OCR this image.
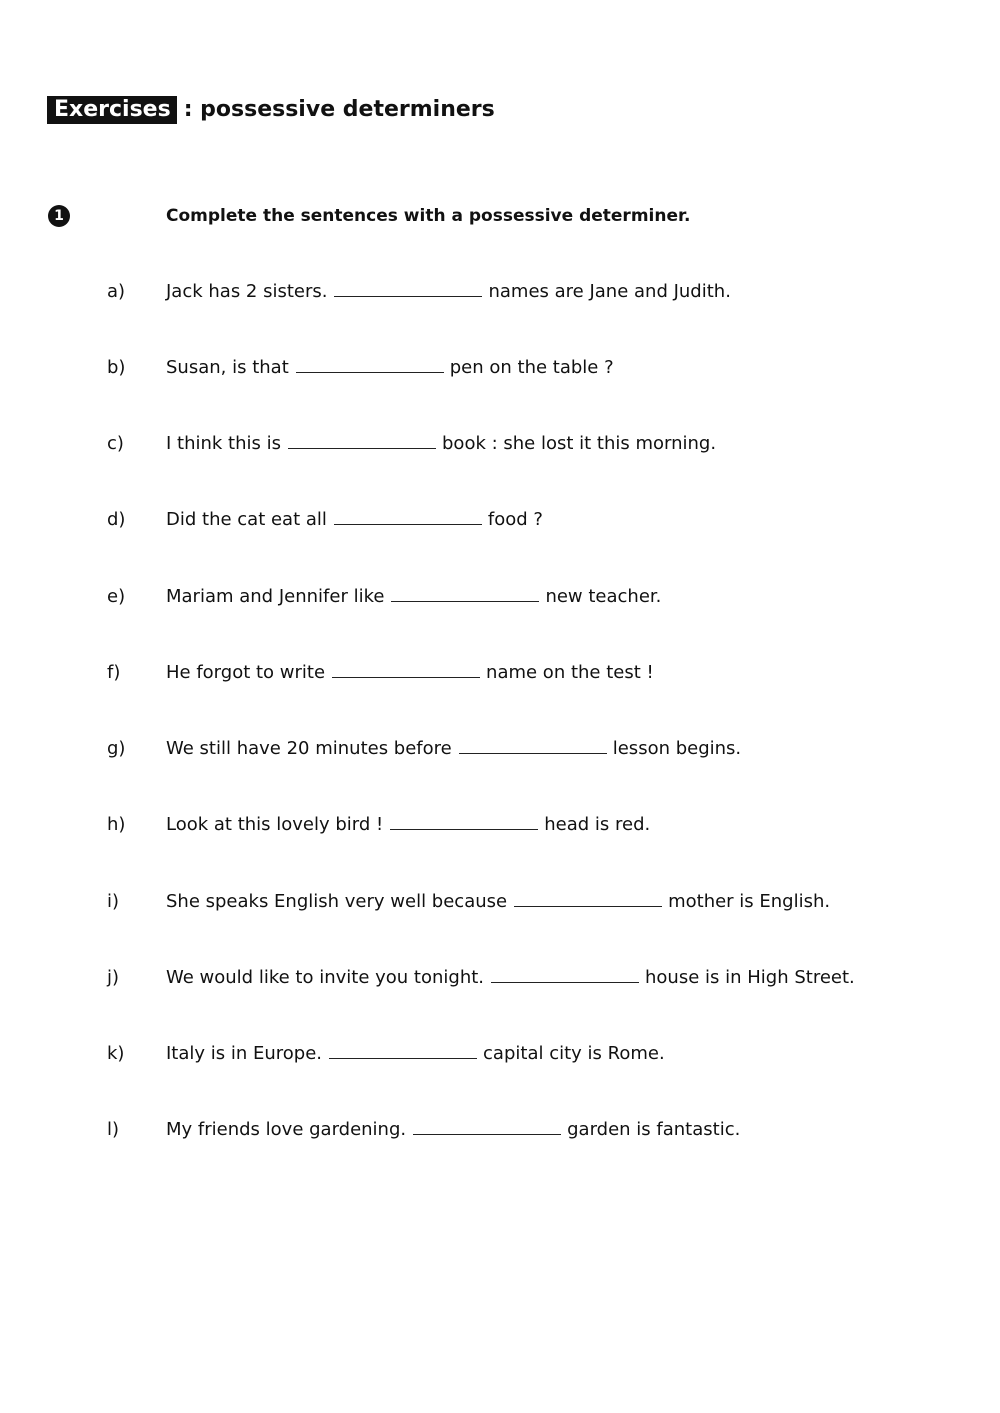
Exercises : possessive determiners
1	Complete the sentences with a possessive determiner.
a) Jack has 2 sisters.	names are Jane and Judith.
b) Susan, is that	pen on the table ?
c) I think this is	book : she lost it this morning.
d) Did the cat eat all	food ?
e) Mariam and Jennifer like	new teacher.
f)	He forgot to write	name on the test !
g) We still have 20 minutes before	lesson begins.
h) Look at this lovely bird !	head is red.
i)	She speaks English very well because	mother is English.
j)	We would like to invite you tonight.	house is in High Street.
k) Italy is in Europe.	capital city is Rome.
l)	My friends love gardening.	garden is fantastic.
